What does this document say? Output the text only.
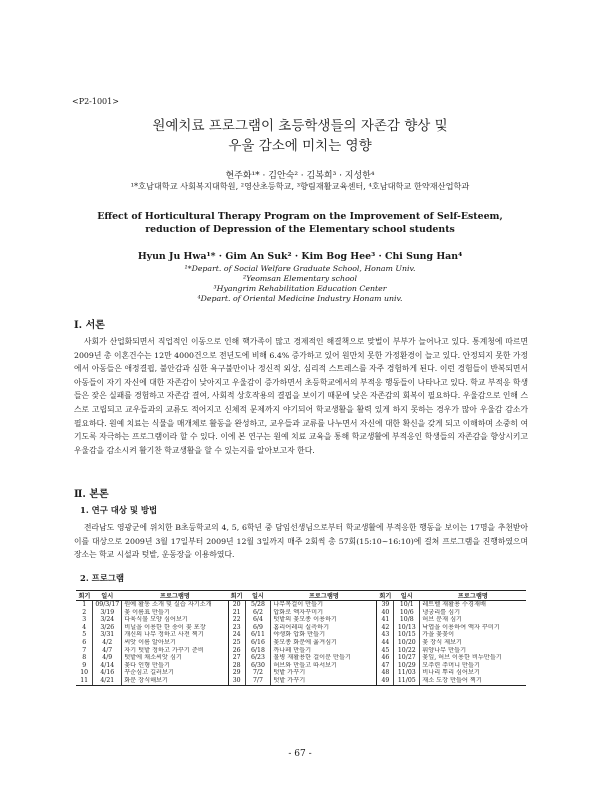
<P2-1001>
원예치료 프로그램이 초등학생들의 자존감 향상 및
우울 감소에 미치는 영향
현주화¹* · 김안숙² · 김복희³ · 지성한⁴
¹*호남대학교 사회복지대학원, ²영산초등학교, ³향림재활교육센터, ⁴호남대학교 한약재산업학과
Effect of Horticultural Therapy Program on the Improvement of Self-Esteem,
reduction of Depression of the Elementary school students
Hyun Ju Hwa¹* · Gim An Suk² · Kim Bog Hee³ · Chi Sung Han⁴
¹*Depart. of Social Welfare Graduate School, Honam Univ.
²Yeomsan Elementary school
³Hyangrim Rehabilitation Education Center
⁴Depart. of Oriental Medicine Industry Honam univ.
Ⅰ. 서론
사회가 산업화되면서 직업적인 이동으로 인해 핵가족이 많고 경제적인 해결책으로 맞벌이 부부가 늘어나고 있다. 통계청에 따르면 2009년 총 이혼건수는 12만 4000건으로 전년도에 비해 6.4% 증가하고 있어 원만치 못한 가정환경이 늘고 있다. 안정되지 못한 가정에서 아동들은 애정결핍, 불안감과 심한 욕구불만이나 정신적 외상, 심리적 스트레스를 자주 경험하게 된다. 이런 경험들이 반복되면서 아동들이 자기 자신에 대한 자존감이 낮아지고 우울감이 증가하면서 초등학교에서의 부적응 행동들이 나타나고 있다. 학교 부적응 학생들은 잦은 실패를 경험하고 자존감 결여, 사회적 상호작용의 결핍을 보이기 때문에 낮은 자존감의 회복이 필요하다. 우울감으로 인해 스스로 고립되고 교우들과의 교류도 적어지고 신체적 문제까지 야기되어 학교생활을 활력 있게 하지 못하는 경우가 많아 우울감 감소가 필요하다. 원예 치료는 식물을 매개체로 활동을 완성하고, 교우들과 교류를 나누면서 자신에 대한 확신을 갖게 되고 이해하며 소중히 여기도록 자극하는 프로그램이라 할 수 있다. 이에 본 연구는 원예 치료 교육을 통해 학교생활에 부적응인 학생들의 자존감을 향상시키고 우울감을 감소시켜 활기찬 학교생활을 할 수 있는지를 알아보고자 한다.
Ⅱ. 본론
1. 연구 대상 및 방법
전라남도 영광군에 위치한 B초등학교의 4, 5, 6학년 중 담임선생님으로부터 학교생활에 부적응한 행동을 보이는 17명을 추천받아 이를 대상으로 2009년 3월 17일부터 2009년 12월 3일까지 매주 2회씩 총 57회(15:10~16:10)에 걸쳐 프로그램을 진행하였으며 장소는 학교 시설과 텃밭, 운동장을 이용하였다.
2. 프로그램
회기	일시	프로그램명	회기	일시	프로그램명	회기	일시	프로그램명
1	09/3/17	원예 활동 소개 및 실습 자기소개	20	5/28	나무목걸이 만들기	39	10/1	레트벨 재활용 수경재배
2	3/19	꽃 이름표 만들기	21	6/2	압화로 액자꾸미기	40	10/6	냉궁리를 심기
3	3/24	다육식물 모양 심어보기	22	6/4	텃밭의 꽃모종 이용하기	41	10/8	허브 분재 심기
4	3/26	비닐을 이용한 한 송이 꽃 포장	23	6/9	홈리어레피 실측하기	42	10/13	낙엽을 이용하여 액자 꾸미기
5	3/31	개신의 나무 정하고 사전 찍기	24	6/11	야생화 압화 만들기	43	10/15	가을 꽃꽂이
6	4/2	씨앗 이름 알아보기	25	6/16	꽃모종 화분에 옮겨심기	44	10/20	꽃 장식 제보기
7	4/7	자기 텃밭 정하고 가꾸기 준비	26	6/18	까나페 만들기	45	10/22	휘양나무 만들기
8	4/9	텃밭에 채소씨앗 심기	27	6/23	물병 재활용한 걸이분 만들기	46	10/27	꽃잎, 허브 이용한 비누만들기
9	4/14	꽃다 인형 만들기	28	6/30	허브와 만들고 따서보기	47	10/29	모주련 주머니 만들기
10	4/16	꾸순심고 길러보기	29	7/2	텃밭 가꾸기	48	11/03	비나리 뿌리 심어보기
11	4/21	화분 장식해보기	30	7/7	텃밭 가꾸기	49	11/05	재소 도장 만들어 찍기
- 67 -
